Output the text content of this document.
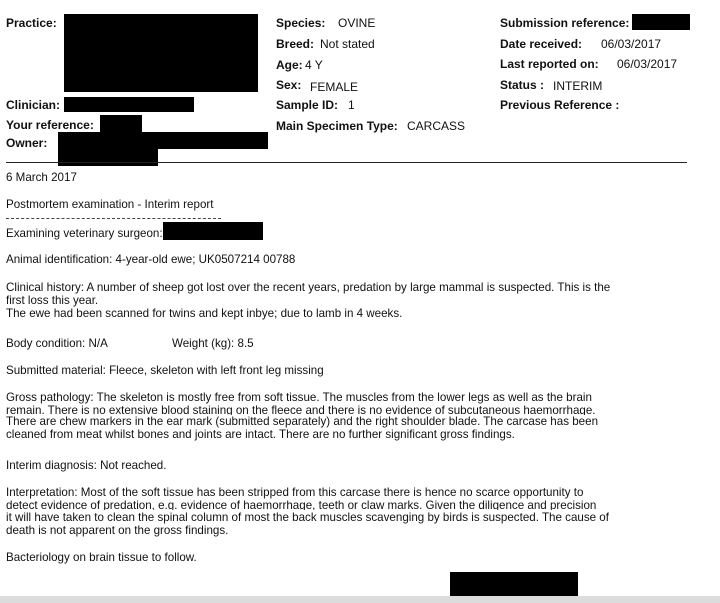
Practice:
Clinician:
Your reference:
Owner:
Species: OVINE
Breed: Not stated
Age: 4 Y
Sex: FEMALE
Sample ID: 1
Main Specimen Type: CARCASS
Submission reference:
Date received: 06/03/2017
Last reported on: 06/03/2017
Status : INTERIM
Previous Reference :
6 March 2017
Postmortem examination - Interim report
Examining veterinary surgeon:
Animal identification: 4-year-old ewe; UK0507214 00788
Clinical history: A number of sheep got lost over the recent years, predation by large mammal is suspected. This is the first loss this year.
The ewe had been scanned for twins and kept inbye; due to lamb in 4 weeks.
Body condition: N/A	Weight (kg): 8.5
Submitted material: Fleece, skeleton with left front leg missing
Gross pathology: The skeleton is mostly free from soft tissue. The muscles from the lower legs as well as the brain remain. There is no extensive blood staining on the fleece and there is no evidence of subcutaneous haemorrhage.
There are chew markers in the ear mark (submitted separately) and the right shoulder blade. The carcase has been cleaned from meat whilst bones and joints are intact. There are no further significant gross findings.
Interim diagnosis: Not reached.
Interpretation: Most of the soft tissue has been stripped from this carcase there is hence no scarce opportunity to detect evidence of predation, e.g. evidence of haemorrhage, teeth or claw marks. Given the diligence and precision
it will have taken to clean the spinal column of most the back muscles scavenging by birds is suspected. The cause of death is not apparent on the gross findings.
Bacteriology on brain tissue to follow.
